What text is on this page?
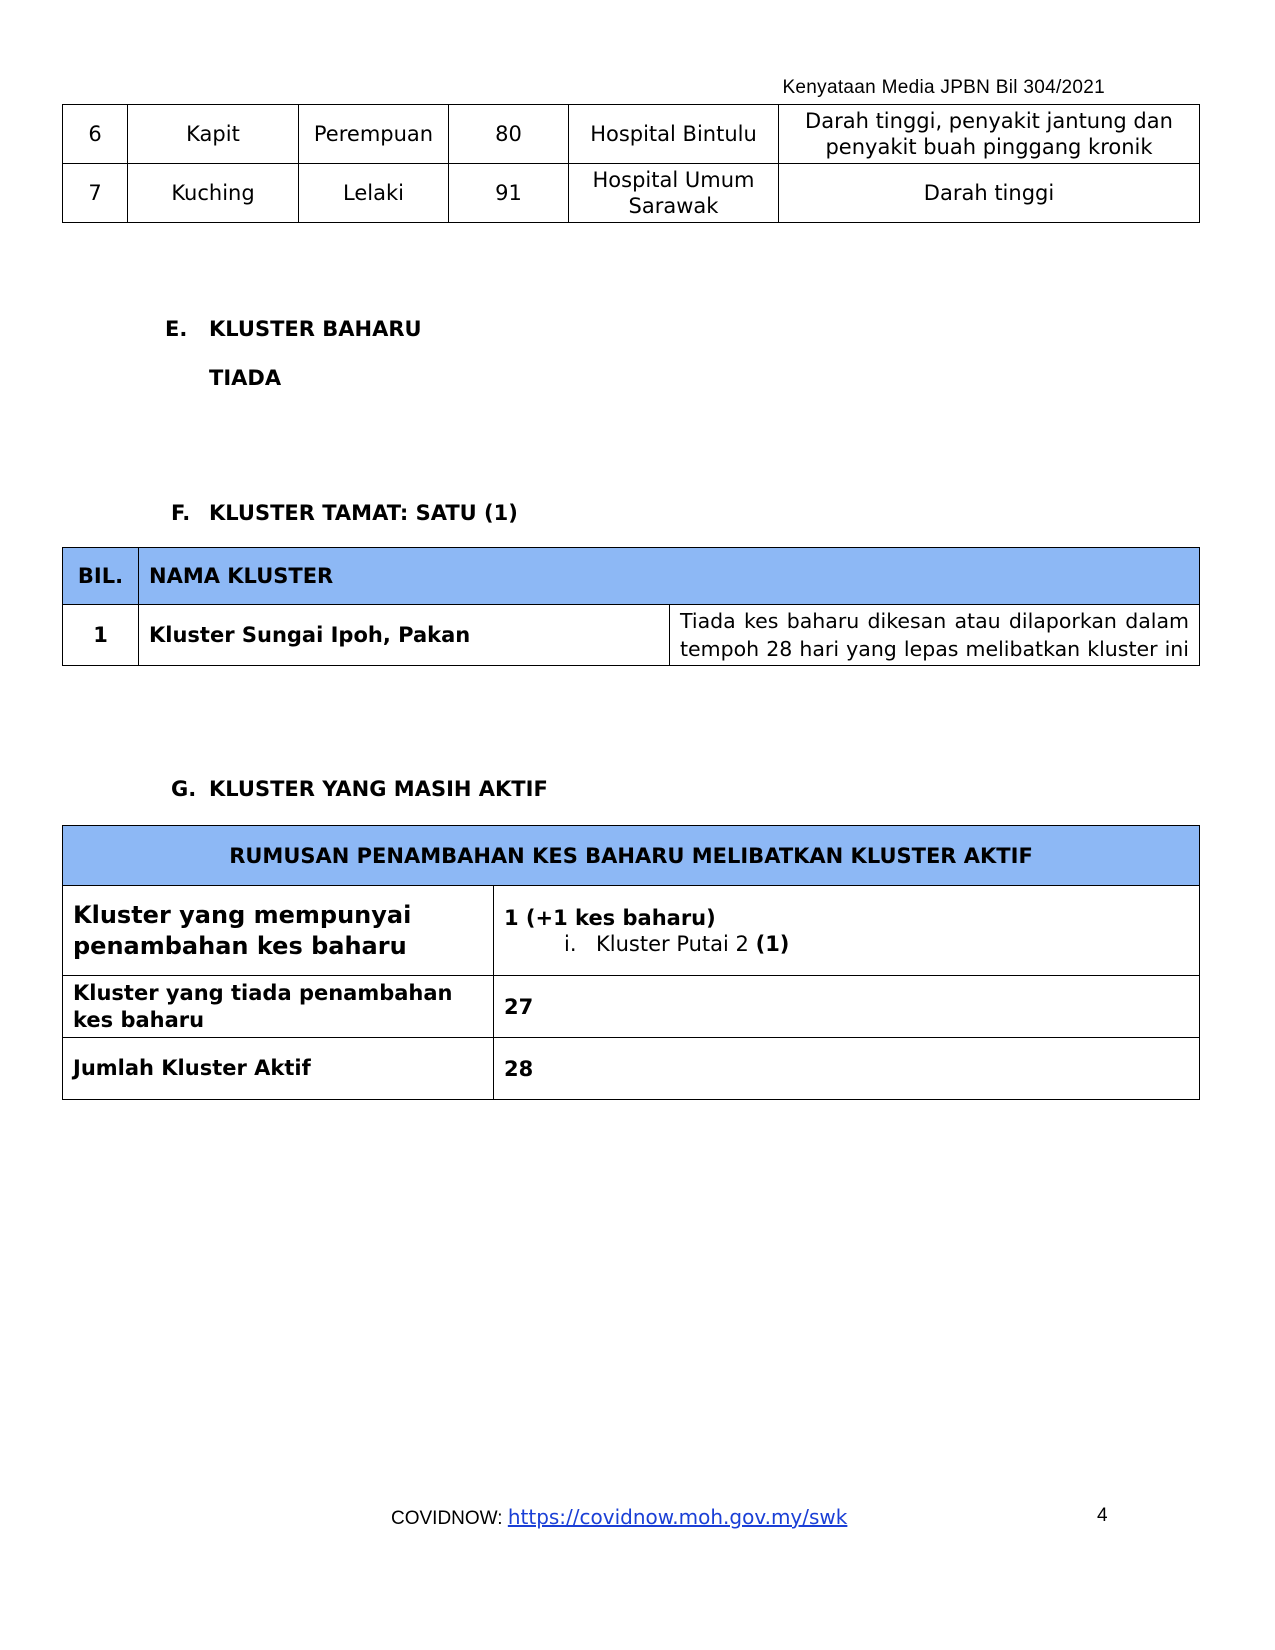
Kenyataan Media JPBN Bil 304/2021
6	Kapit	Perempuan	80	Hospital Bintulu	Darah tinggi, penyakit jantung dan penyakit buah pinggang kronik
7	Kuching	Lelaki	91	Hospital Umum Sarawak	Darah tinggi
E. KLUSTER BAHARU
TIADA
F. KLUSTER TAMAT: SATU (1)
BIL.	NAMA KLUSTER	
1	Kluster Sungai Ipoh, Pakan	Tiada kes baharu dikesan atau dilaporkan dalam tempoh 28 hari yang lepas melibatkan kluster ini
G. KLUSTER YANG MASIH AKTIF
RUMUSAN PENAMBAHAN KES BAHARU MELIBATKAN KLUSTER AKTIF	
Kluster yang mempunyai penambahan kes baharu	1 (+1 kes baharu)
i. Kluster Putai 2 (1)

Kluster yang tiada penambahan kes baharu	27
Jumlah Kluster Aktif	28
COVIDNOW: https://covidnow.moh.gov.my/swk	4
